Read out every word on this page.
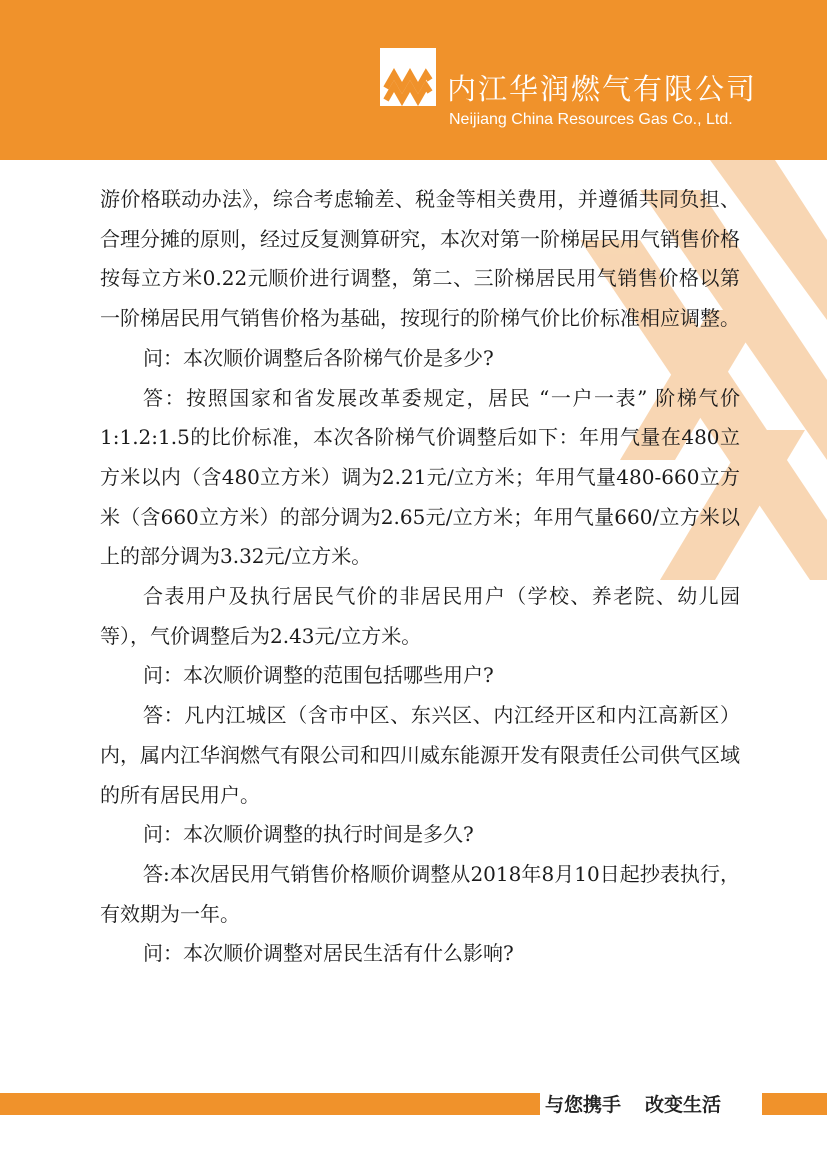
内江华润燃气有限公司
Neijiang China Resources Gas Co., Ltd.

游价格联动办法》，综合考虑输差、税金等相关费用，并遵循共同负担、合理分摊的原则，经过反复测算研究，本次对第一阶梯居民用气销售价格按每立方米0.22元顺价进行调整，第二、三阶梯居民用气销售价格以第一阶梯居民用气销售价格为基础，按现行的阶梯气价比价标准相应调整。

问：本次顺价调整后各阶梯气价是多少?

答：按照国家和省发展改革委规定，居民 “一户一表” 阶梯气价1:1.2:1.5的比价标准，本次各阶梯气价调整后如下：年用气量在480立方米以内（含480立方米）调为2.21元/立方米；年用气量480-660立方米（含660立方米）的部分调为2.65元/立方米；年用气量660/立方米以上的部分调为3.32元/立方米。

合表用户及执行居民气价的非居民用户（学校、养老院、幼儿园等），气价调整后为2.43元/立方米。

问：本次顺价调整的范围包括哪些用户?

答：凡内江城区（含市中区、东兴区、内江经开区和内江高新区）内，属内江华润燃气有限公司和四川威东能源开发有限责任公司供气区域的所有居民用户。

问：本次顺价调整的执行时间是多久?

答:本次居民用气销售价格顺价调整从2018年8月10日起抄表执行，有效期为一年。

问：本次顺价调整对居民生活有什么影响?

与您携手 改变生活
